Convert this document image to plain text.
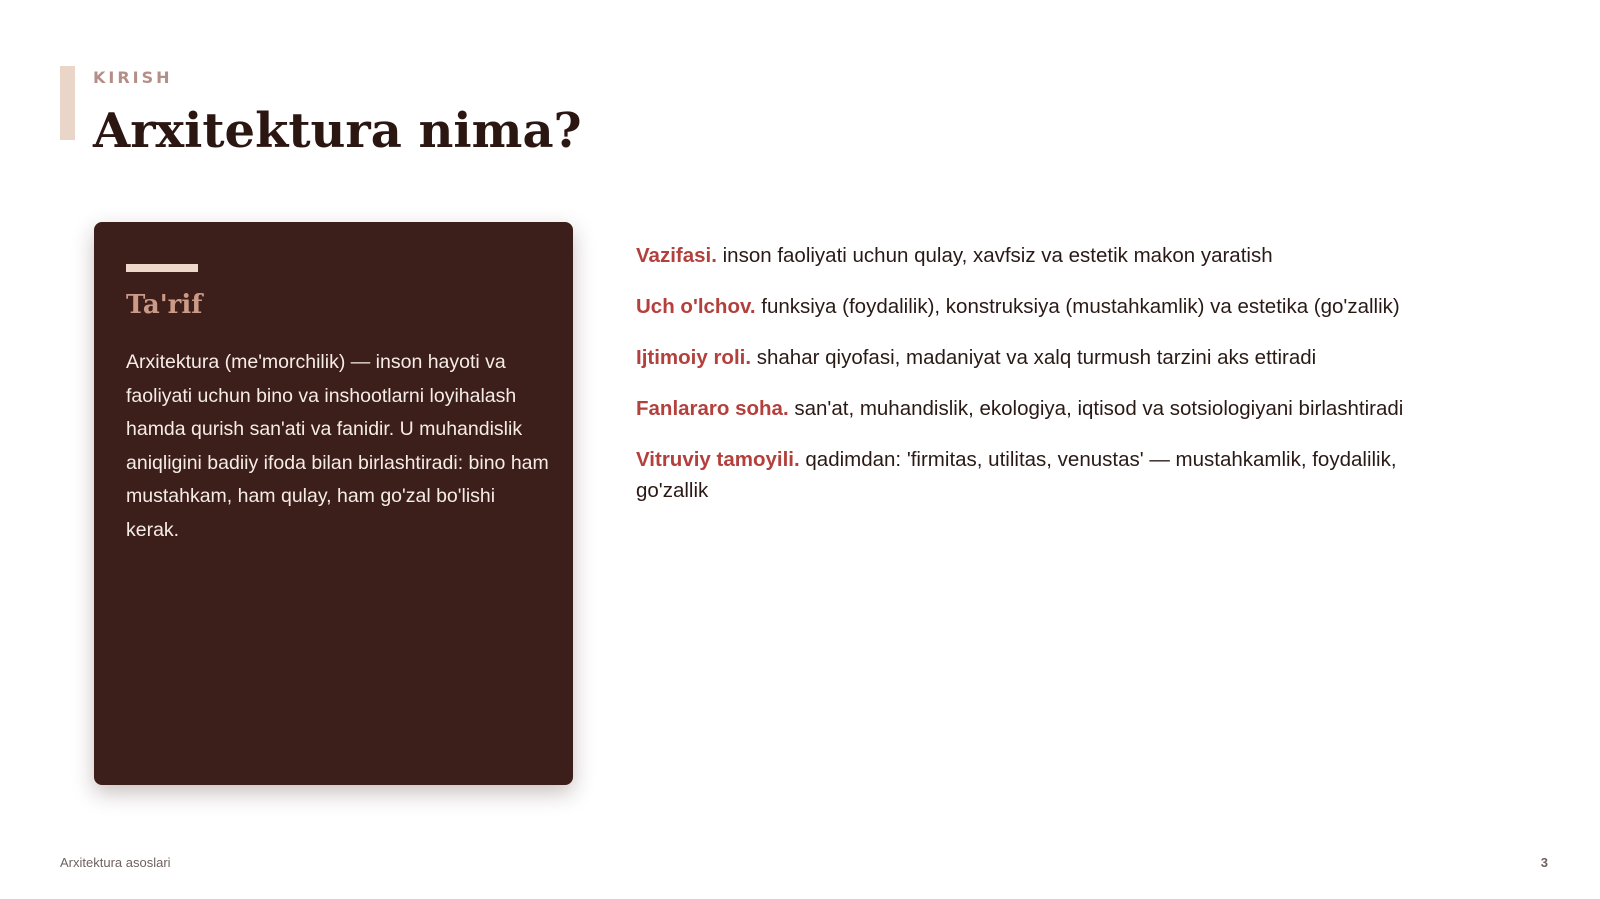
KIRISH
Arxitektura nima?
Ta'rif

Arxitektura (me'morchilik) — inson hayoti va faoliyati uchun bino va inshootlarni loyihalash hamda qurish san'ati va fanidir. U muhandislik aniqligini badiiy ifoda bilan birlashtiradi: bino ham mustahkam, ham qulay, ham go'zal bo'lishi kerak.

Vazifasi. inson faoliyati uchun qulay, xavfsiz va estetik makon yaratish
Uch o'lchov. funksiya (foydalilik), konstruksiya (mustahkamlik) va estetika (go'zallik)
Ijtimoiy roli. shahar qiyofasi, madaniyat va xalq turmush tarzini aks ettiradi
Fanlararo soha. san'at, muhandislik, ekologiya, iqtisod va sotsiologiyani birlashtiradi
Vitruviy tamoyili. qadimdan: 'firmitas, utilitas, venustas' — mustahkamlik, foydalilik, go'zallik
Arxitektura asoslari	3
